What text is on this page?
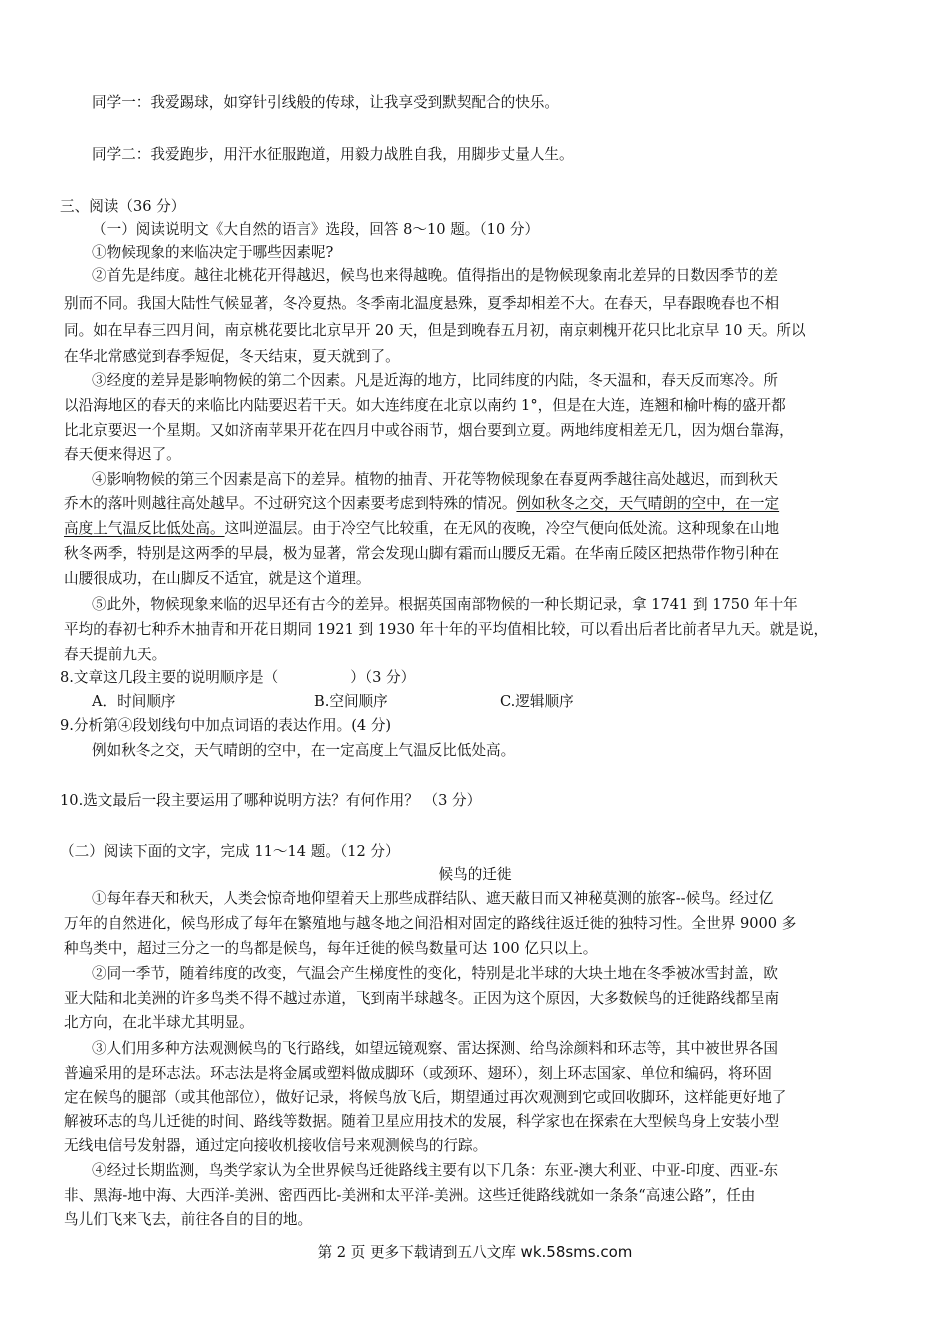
同学一：我爱踢球，如穿针引线般的传球，让我享受到默契配合的快乐。
同学二：我爱跑步，用汗水征服跑道，用毅力战胜自我，用脚步丈量人生。
三、阅读（36 分）
（一）阅读说明文《大自然的语言》选段，回答 8～10 题。（10 分）
①物候现象的来临决定于哪些因素呢?
②首先是纬度。越往北桃花开得越迟，候鸟也来得越晚。值得指出的是物候现象南北差异的日数因季节的差
别而不同。我国大陆性气候显著，冬冷夏热。冬季南北温度悬殊，夏季却相差不大。在春天，早春跟晚春也不相
同。如在早春三四月间，南京桃花要比北京早开 20 天，但是到晚春五月初，南京刺槐开花只比北京早 10 天。所以
在华北常感觉到春季短促，冬天结束，夏天就到了。
③经度的差异是影响物候的第二个因素。凡是近海的地方，比同纬度的内陆，冬天温和，春天反而寒冷。所
以沿海地区的春天的来临比内陆要迟若干天。如大连纬度在北京以南约 1°，但是在大连，连翘和榆叶梅的盛开都
比北京要迟一个星期。又如济南苹果开花在四月中或谷雨节，烟台要到立夏。两地纬度相差无几，因为烟台靠海，
春天便来得迟了。
④影响物候的第三个因素是高下的差异。植物的抽青、开花等物候现象在春夏两季越往高处越迟，而到秋天
乔木的落叶则越往高处越早。不过研究这个因素要考虑到特殊的情况。例如秋冬之交，天气晴朗的空中，在一定
高度上气温反比低处高。这叫逆温层。由于冷空气比较重，在无风的夜晚，冷空气便向低处流。这种现象在山地
秋冬两季，特别是这两季的早晨，极为显著，常会发现山脚有霜而山腰反无霜。在华南丘陵区把热带作物引种在
山腰很成功，在山脚反不适宜，就是这个道理。
⑤此外，物候现象来临的迟早还有古今的差异。根据英国南部物候的一种长期记录，拿 1741 到 1750 年十年
平均的春初七种乔木抽青和开花日期同 1921 到 1930 年十年的平均值相比较，可以看出后者比前者早九天。就是说，
春天提前九天。
8.文章这几段主要的说明顺序是（	）（3 分）
A．时间顺序	B.空间顺序	C.逻辑顺序
9.分析第④段划线句中加点词语的表达作用。(4 分)
例如秋冬之交，天气晴朗的空中，在一定高度上气温反比低处高。
10.选文最后一段主要运用了哪种说明方法？有何作用？ （3 分）
（二）阅读下面的文字，完成 11～14 题。（12 分）
候鸟的迁徙
①每年春天和秋天，人类会惊奇地仰望着天上那些成群结队、遮天蔽日而又神秘莫测的旅客--候鸟。经过亿
万年的自然进化，候鸟形成了每年在繁殖地与越冬地之间沿相对固定的路线往返迁徙的独特习性。全世界 9000 多
种鸟类中，超过三分之一的鸟都是候鸟，每年迁徙的候鸟数量可达 100 亿只以上。
②同一季节，随着纬度的改变，气温会产生梯度性的变化，特别是北半球的大块土地在冬季被冰雪封盖，欧
亚大陆和北美洲的许多鸟类不得不越过赤道，飞到南半球越冬。正因为这个原因，大多数候鸟的迁徙路线都呈南
北方向，在北半球尤其明显。
③人们用多种方法观测候鸟的飞行路线，如望远镜观察、雷达探测、给鸟涂颜料和环志等，其中被世界各国
普遍采用的是环志法。环志法是将金属或塑料做成脚环（或颈环、翅环），刻上环志国家、单位和编码，将环固
定在候鸟的腿部（或其他部位），做好记录，将候鸟放飞后，期望通过再次观测到它或回收脚环，这样能更好地了
解被环志的鸟儿迁徙的时间、路线等数据。随着卫星应用技术的发展，科学家也在探索在大型候鸟身上安装小型
无线电信号发射器，通过定向接收机接收信号来观测候鸟的行踪。
④经过长期监测，鸟类学家认为全世界候鸟迁徙路线主要有以下几条：东亚-澳大利亚、中亚-印度、西亚-东
非、黑海-地中海、大西洋-美洲、密西西比-美洲和太平洋-美洲。这些迁徙路线就如一条条“高速公路”，任由
鸟儿们飞来飞去，前往各自的目的地。
第 2 页 更多下载请到五八文库 wk.58sms.com
